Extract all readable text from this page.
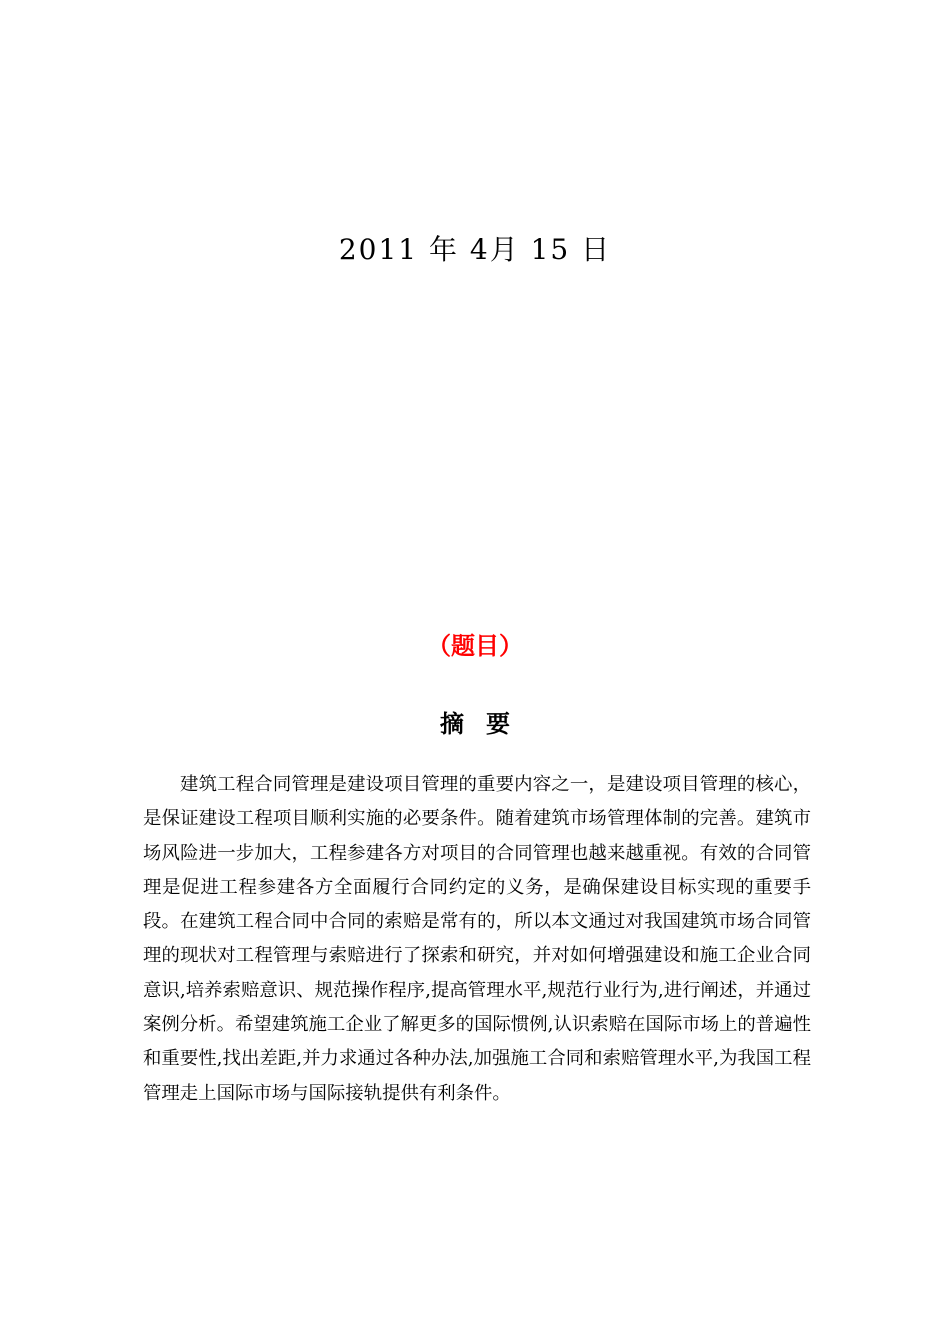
2011 年 4月 15 日
（题目）
摘要

建筑工程合同管理是建设项目管理的重要内容之一，是建设项目管理的核心，是保证建设工程项目顺利实施的必要条件。随着建筑市场管理体制的完善。建筑市场风险进一步加大，工程参建各方对项目的合同管理也越来越重视。有效的合同管理是促进工程参建各方全面履行合同约定的义务，是确保建设目标实现的重要手段。在建筑工程合同中合同的索赔是常有的，所以本文通过对我国建筑市场合同管理的现状对工程管理与索赔进行了探索和研究，并对如何增强建设和施工企业合同意识,培养索赔意识、规范操作程序,提高管理水平,规范行业行为,进行阐述，并通过案例分析。希望建筑施工企业了解更多的国际惯例,认识索赔在国际市场上的普遍性和重要性,找出差距,并力求通过各种办法,加强施工合同和索赔管理水平,为我国工程管理走上国际市场与国际接轨提供有利条件。
